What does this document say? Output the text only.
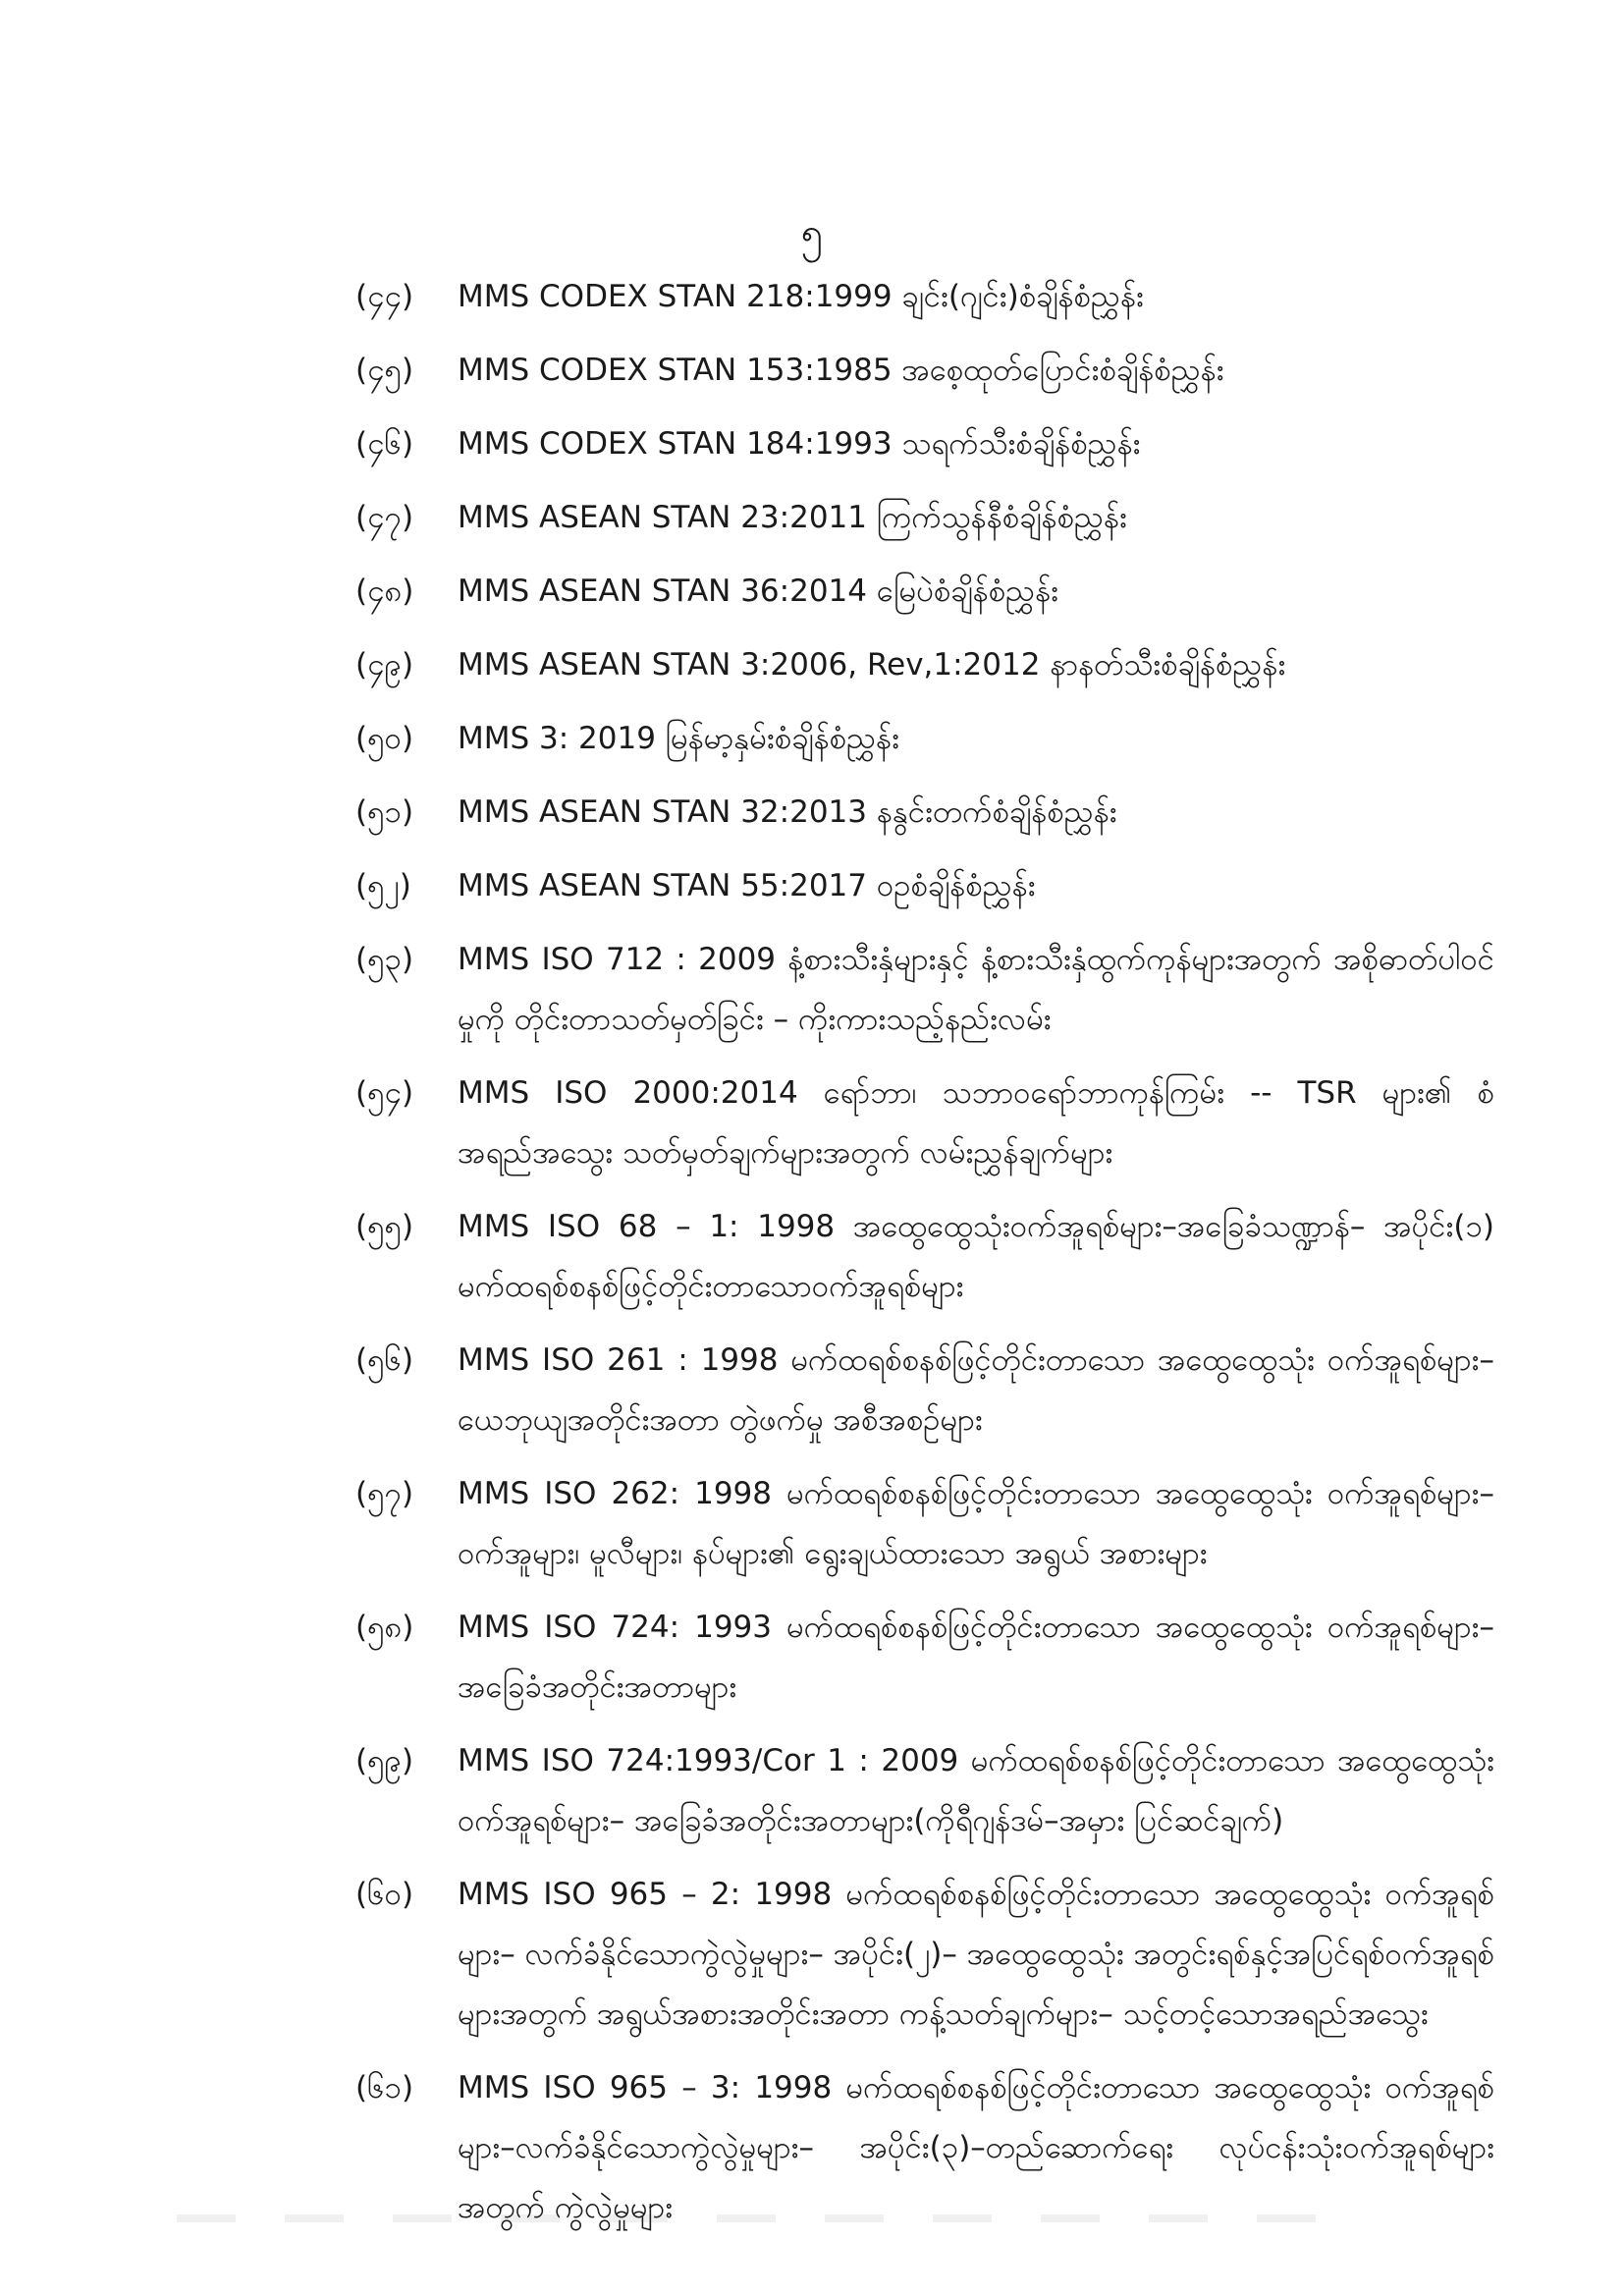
၅
(၄၄)	MMS CODEX STAN 218:1999 ချင်း(ဂျင်း)စံချိန်စံညွှန်း
(၄၅)	MMS CODEX STAN 153:1985 အစေ့ထုတ်ပြောင်းစံချိန်စံညွှန်း
(၄၆)	MMS CODEX STAN 184:1993 သရက်သီးစံချိန်စံညွှန်း
(၄၇)	MMS ASEAN STAN 23:2011 ကြက်သွန်နီစံချိန်စံညွှန်း
(၄၈)	MMS ASEAN STAN 36:2014 မြေပဲစံချိန်စံညွှန်း
(၄၉)	MMS ASEAN STAN 3:2006, Rev,1:2012 နာနတ်သီးစံချိန်စံညွှန်း
(၅၀)	MMS 3: 2019 မြန်မာ့နှမ်းစံချိန်စံညွှန်း
(၅၁)	MMS ASEAN STAN 32:2013 နနွင်းတက်စံချိန်စံညွှန်း
(၅၂)	MMS ASEAN STAN 55:2017 ဝဥစံချိန်စံညွှန်း
(၅၃)	MMS ISO 712 : 2009 နံ့စားသီးနှံများနှင့် နံ့စားသီးနှံထွက်ကုန်များအတွက် အစိုဓာတ်ပါဝင်မှုကို တိုင်းတာသတ်မှတ်ခြင်း – ကိုးကားသည့်နည်းလမ်း
(၅၄)	MMS ISO 2000:2014 ရော်ဘာ၊ သဘာဝရော်ဘာကုန်ကြမ်း -- TSR များ၏ စံအရည်အသွေး သတ်မှတ်ချက်များအတွက် လမ်းညွှန်ချက်များ
(၅၅)	MMS ISO 68 – 1: 1998 အထွေထွေသုံးဝက်အူရစ်များ–အခြေခံသဏ္ဍာန်– အပိုင်း(၁) မက်ထရစ်စနစ်ဖြင့်တိုင်းတာသောဝက်အူရစ်များ
(၅၆)	MMS ISO 261 : 1998 မက်ထရစ်စနစ်ဖြင့်တိုင်းတာသော အထွေထွေသုံး ဝက်အူရစ်များ– ယေဘုယျအတိုင်းအတာ တွဲဖက်မှု အစီအစဉ်များ
(၅၇)	MMS ISO 262: 1998 မက်ထရစ်စနစ်ဖြင့်တိုင်းတာသော အထွေထွေသုံး ဝက်အူရစ်များ– ဝက်အူများ၊ မူလီများ၊ နပ်များ၏ ရွေးချယ်ထားသော အရွယ် အစားများ
(၅၈)	MMS ISO 724: 1993 မက်ထရစ်စနစ်ဖြင့်တိုင်းတာသော အထွေထွေသုံး ဝက်အူရစ်များ–အခြေခံအတိုင်းအတာများ
(၅၉)	MMS ISO 724:1993/Cor 1 : 2009 မက်ထရစ်စနစ်ဖြင့်တိုင်းတာသော အထွေထွေသုံး ဝက်အူရစ်များ– အခြေခံအတိုင်းအတာများ(ကိုရီဂျန်ဒမ်–အမှား ပြင်ဆင်ချက်)
(၆၀)	MMS ISO 965 – 2: 1998 မက်ထရစ်စနစ်ဖြင့်တိုင်းတာသော အထွေထွေသုံး ဝက်အူရစ်များ– လက်ခံနိုင်သောကွဲလွဲမှုများ– အပိုင်း(၂)– အထွေထွေသုံး အတွင်းရစ်နှင့်အပြင်ရစ်ဝက်အူရစ်များအတွက် အရွယ်အစားအတိုင်းအတာ ကန့်သတ်ချက်များ– သင့်တင့်သောအရည်အသွေး
(၆၁)	MMS ISO 965 – 3: 1998 မက်ထရစ်စနစ်ဖြင့်တိုင်းတာသော အထွေထွေသုံး ဝက်အူရစ်များ–လက်ခံနိုင်သောကွဲလွဲမှုများ– အပိုင်း(၃)–တည်ဆောက်ရေး လုပ်ငန်းသုံးဝက်အူရစ်များအတွက် ကွဲလွဲမှုများ
